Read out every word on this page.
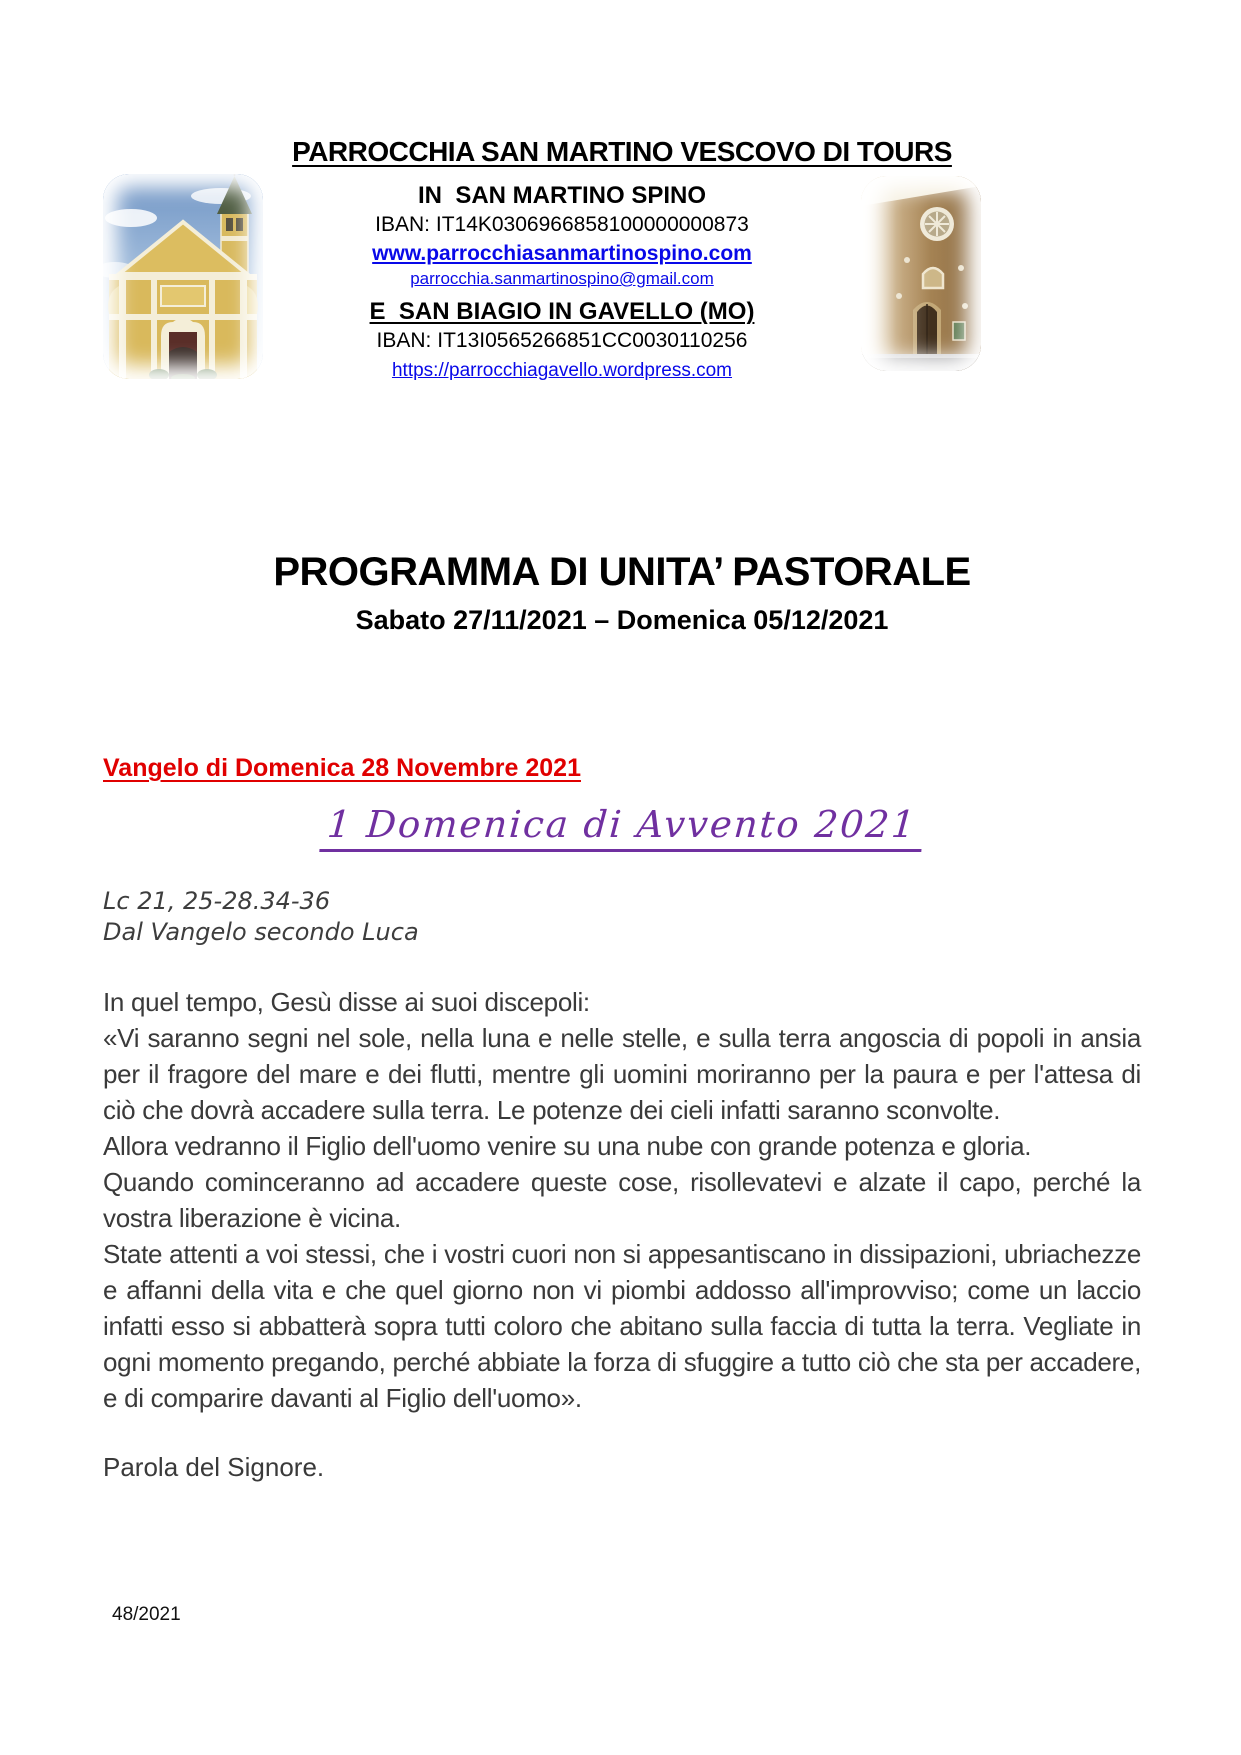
PARROCCHIA SAN MARTINO VESCOVO DI TOURS
IN  SAN MARTINO SPINO
IBAN: IT14K0306966858100000000873
www.parrocchiasanmartinospino.com
parrocchia.sanmartinospino@gmail.com
E  SAN BIAGIO IN GAVELLO (MO)
IBAN: IT13I0565266851CC0030110256
https://parrocchiagavello.wordpress.com
PROGRAMMA DI UNITA’ PASTORALE
Sabato 27/11/2021 – Domenica 05/12/2021
Vangelo di Domenica 28 Novembre 2021
1 Domenica di Avvento 2021
Lc 21, 25-28.34-36
Dal Vangelo secondo Luca

In quel tempo, Gesù disse ai suoi discepoli:

«Vi saranno segni nel sole, nella luna e nelle stelle, e sulla terra angoscia di popoli in ansia per il fragore del mare e dei flutti, mentre gli uomini moriranno per la paura e per l'attesa di ciò che dovrà accadere sulla terra. Le potenze dei cieli infatti saranno sconvolte.

Allora vedranno il Figlio dell'uomo venire su una nube con grande potenza e gloria.

Quando cominceranno ad accadere queste cose, risollevatevi e alzate il capo, perché la vostra liberazione è vicina.

State attenti a voi stessi, che i vostri cuori non si appesantiscano in dissipazioni, ubriachezze e affanni della vita e che quel giorno non vi piombi addosso all'improvviso; come un laccio infatti esso si abbatterà sopra tutti coloro che abitano sulla faccia di tutta la terra. Vegliate in ogni momento pregando, perché abbiate la forza di sfuggire a tutto ciò che sta per accadere, e di comparire davanti al Figlio dell'uomo».

Parola del Signore.
48/2021
